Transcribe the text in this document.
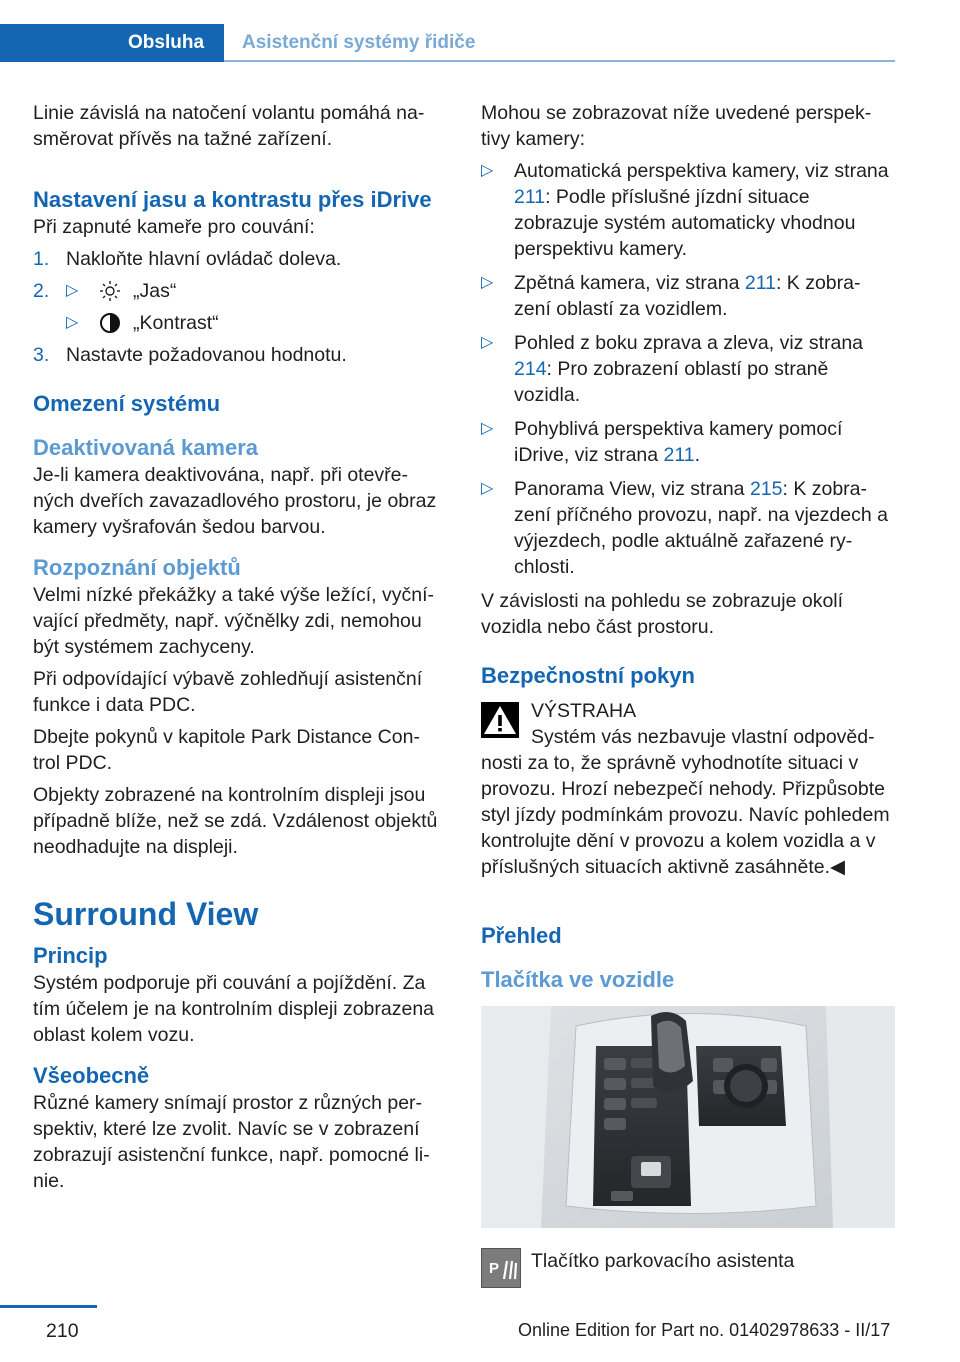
Obsluha Asistenční systémy řidiče

Linie závislá na natočení volantu pomáhá na‐směrovat přívěs na tažné zařízení.

Nastavení jasu a kontrastu přes iDrive

Při zapnuté kameře pro couvání:

1. Nakloňte hlavní ovládač doleva.
2. ▷	„Jas“
▷	„Kontrast“
3. Nastavte požadovanou hodnotu.
Omezení systému
Deaktivovaná kamera

Je-li kamera deaktivována, např. při otevře‐ných dveřích zavazadlového prostoru, je obraz kamery vyšrafován šedou barvou.

Rozpoznání objektů

Velmi nízké překážky a také výše ležící, vyční‐vající předměty, např. výčnělky zdi, nemohou být systémem zachyceny.

Při odpovídající výbavě zohledňují asistenční funkce i data PDC.

Dbejte pokynů v kapitole Park Distance Con‐trol PDC.

Objekty zobrazené na kontrolním displeji jsou případně blíže, než se zdá. Vzdálenost objektů neodhadujte na displeji.

Surround View
Princip

Systém podporuje při couvání a pojíždění. Za tím účelem je na kontrolním displeji zobrazena oblast kolem vozu.

Všeobecně

Různé kamery snímají prostor z různých per‐spektiv, které lze zvolit. Navíc se v zobrazení zobrazují asistenční funkce, např. pomocné li‐nie.

Mohou se zobrazovat níže uvedené perspek‐tivy kamery:

▷ Automatická perspektiva kamery, viz strana 211: Podle příslušné jízdní situace zobrazuje systém automaticky vhodnou perspektivu kamery.
▷ Zpětná kamera, viz strana 211: K zobra‐zení oblastí za vozidlem.
▷ Pohled z boku zprava a zleva, viz strana 214: Pro zobrazení oblastí po straně vozidla.
▷ Pohyblivá perspektiva kamery pomocí iDrive, viz strana 211.
▷ Panorama View, viz strana 215: K zobra‐zení příčného provozu, např. na vjezdech a výjezdech, podle aktuálně zařazené ry‐chlosti.

V závislosti na pohledu se zobrazuje okolí vozidla nebo část prostoru.

Bezpečnostní pokyn

VÝSTRAHA

Systém vás nezbavuje vlastní odpověd‐

nosti za to, že správně vyhodnotíte situaci v provozu. Hrozí nebezpečí nehody. Přizpůsobte styl jízdy podmínkám provozu. Navíc pohledem kontrolujte dění v provozu a kolem vozidla a v příslušných situacích aktivně zasáhněte.◀

Přehled
Tlačítka ve vozidle
P Tlačítko parkovacího asistenta
210	Online Edition for Part no. 01402978633 - II/17
